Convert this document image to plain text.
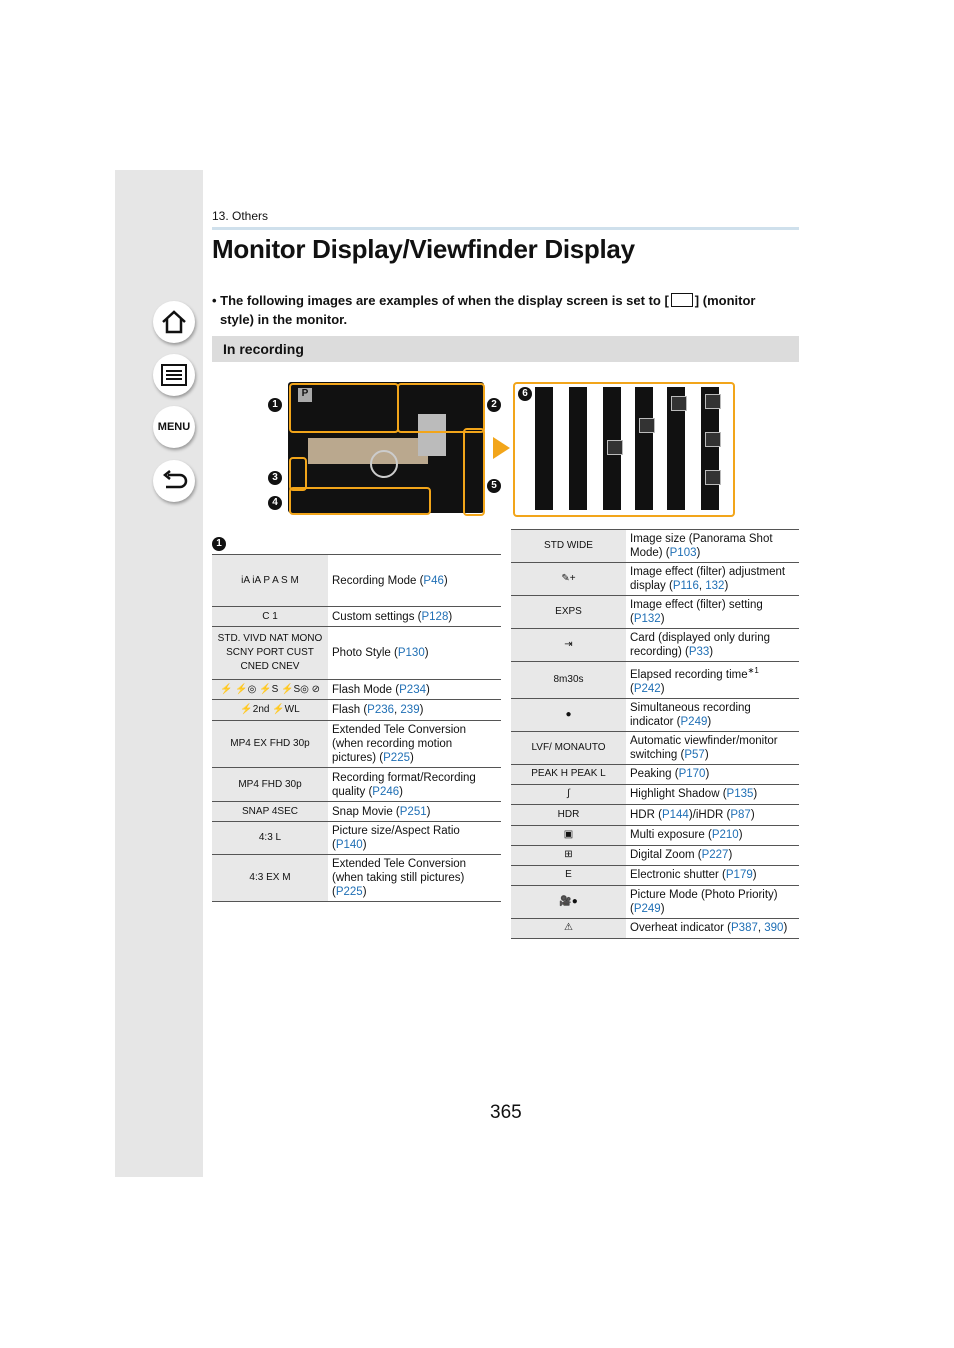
MENU
13. Others
Monitor Display/Viewfinder Display
• The following images are examples of when the display screen is set to [ ] (monitor
style) in the monitor.
In recording
P
1	2
3
4
5
6
1
iA iA P A S M	Recording Mode (P46)
C 1	Custom settings (P128)
STD. VIVD NAT MONO SCNY PORT CUST CNED CNEV	Photo Style (P130)
⚡ ⚡◎ ⚡S ⚡S◎ ⊘	Flash Mode (P234)
⚡2nd ⚡WL	Flash (P236, 239)
MP4 EX FHD 30p	Extended Tele Conversion (when recording motion pictures) (P225)
MP4 FHD 30p	Recording format/Recording quality (P246)
SNAP 4SEC	Snap Movie (P251)
4:3 L	Picture size/Aspect Ratio (P140)
4:3 EX M	Extended Tele Conversion (when taking still pictures) (P225)
STD WIDE	Image size (Panorama Shot Mode) (P103)
✎+	Image effect (filter) adjustment display (P116, 132)
EXPS	Image effect (filter) setting (P132)
⇥	Card (displayed only during recording) (P33)
8m30s	Elapsed recording time$^{∗1}$ (P242)
●	Simultaneous recording indicator (P249)
LVF/ MONAUTO	Automatic viewfinder/monitor switching (P57)
PEAK H PEAK L	Peaking (P170)
∫	Highlight Shadow (P135)
HDR	HDR (P144)/iHDR (P87)
▣	Multi exposure (P210)
⊞	Digital Zoom (P227)
E	Electronic shutter (P179)
🎥●	Picture Mode (Photo Priority) (P249)
⚠	Overheat indicator (P387, 390)
365
